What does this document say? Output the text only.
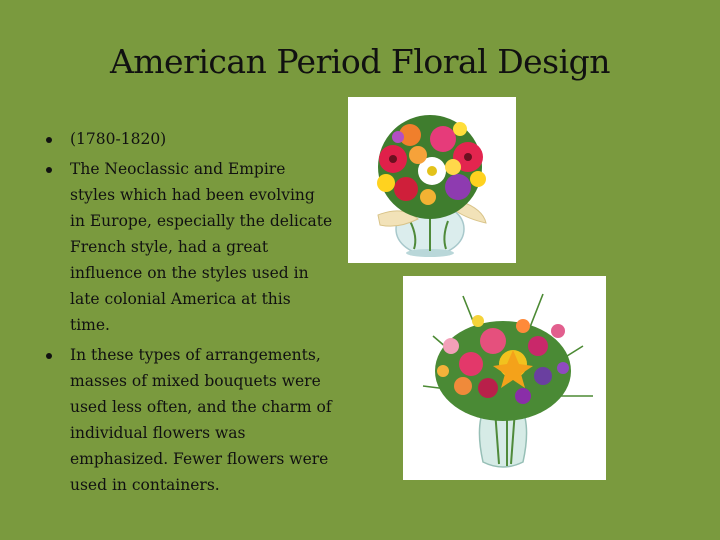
American Period Floral Design
(1780-1820)
The Neoclassic and Empire styles which had been evolving in Europe, especially the delicate French style, had a great influence on the styles used in late colonial America at this time.
In these types of arrangements, masses of mixed bouquets were used less often, and the charm of individual flowers was emphasized. Fewer flowers were used in containers.
